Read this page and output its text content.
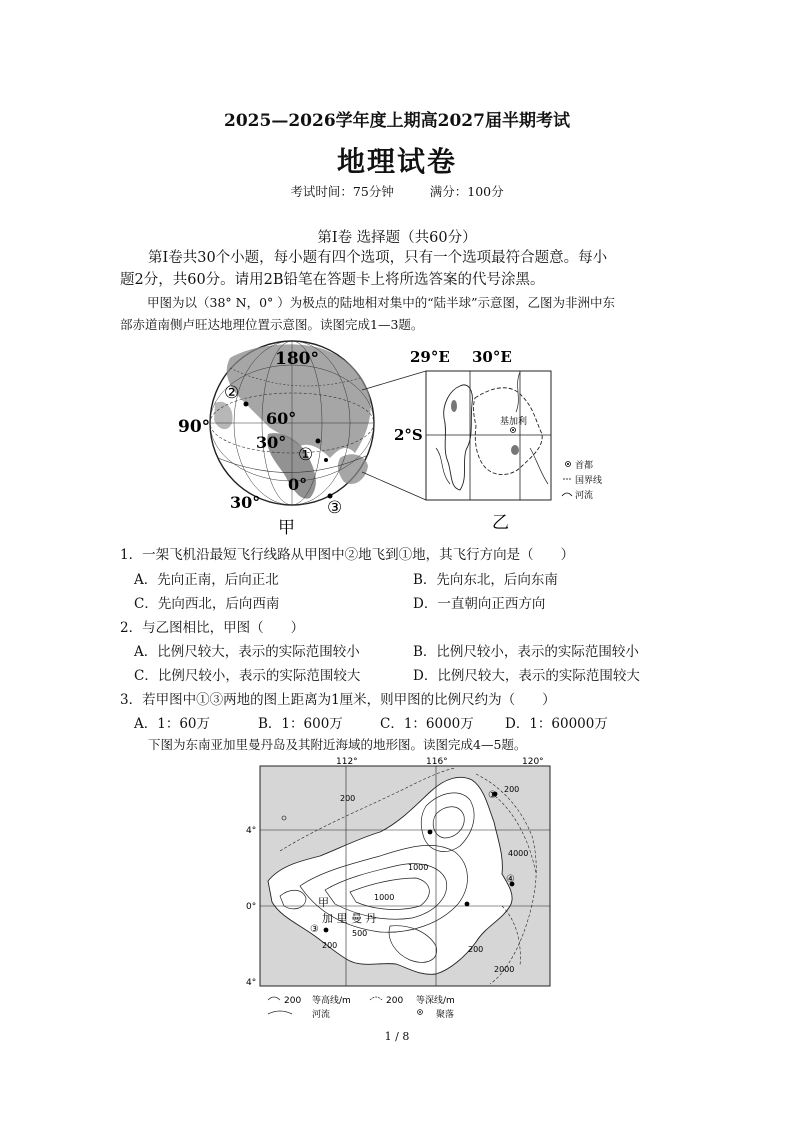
2025—2026学年度上期高2027届半期考试
地理试卷
考试时间：75分钟	满分：100分
第Ⅰ卷 选择题（共60分）
第Ⅰ卷共30个小题，每小题有四个选项，只有一个选项最符合题意。每小
题2分，共60分。请用2B铅笔在答题卡上将所选答案的代号涂黑。
甲图为以（38° N，0° ）为极点的陆地相对集中的“陆半球”示意图，乙图为非洲中东
部赤道南侧卢旺达地理位置示意图。读图完成1—3题。
180°
90°	60°
30°
0°
30°
②
①
③
甲
29°E 30°E
2°S
基加利
首都
国界线
河流
乙
1．一架飞机沿最短飞行线路从甲图中②地飞到①地，其飞行方向是（　　）
A．先向正南，后向正北	B．先向东北，后向东南
C．先向西北，后向西南	D．一直朝向正西方向
2．与乙图相比，甲图（　　）
A．比例尺较大，表示的实际范围较小	B．比例尺较小，表示的实际范围较小
C．比例尺较小，表示的实际范围较大	D．比例尺较大，表示的实际范围较大
3．若甲图中①③两地的图上距离为1厘米，则甲图的比例尺约为（　　）
A．1：60万	B．1：600万	C．1：6000万 D．1：60000万
下图为东南亚加里曼丹岛及其附近海域的地形图。读图完成4—5题。
112°	116°	120°
4°
0°
4°
200
200
200	200
1000
1000
500
4000
2000
甲
加 里 曼 丹
①
③
④
200 等高线/m	200 等深线/m
河流	聚落
1 / 8
